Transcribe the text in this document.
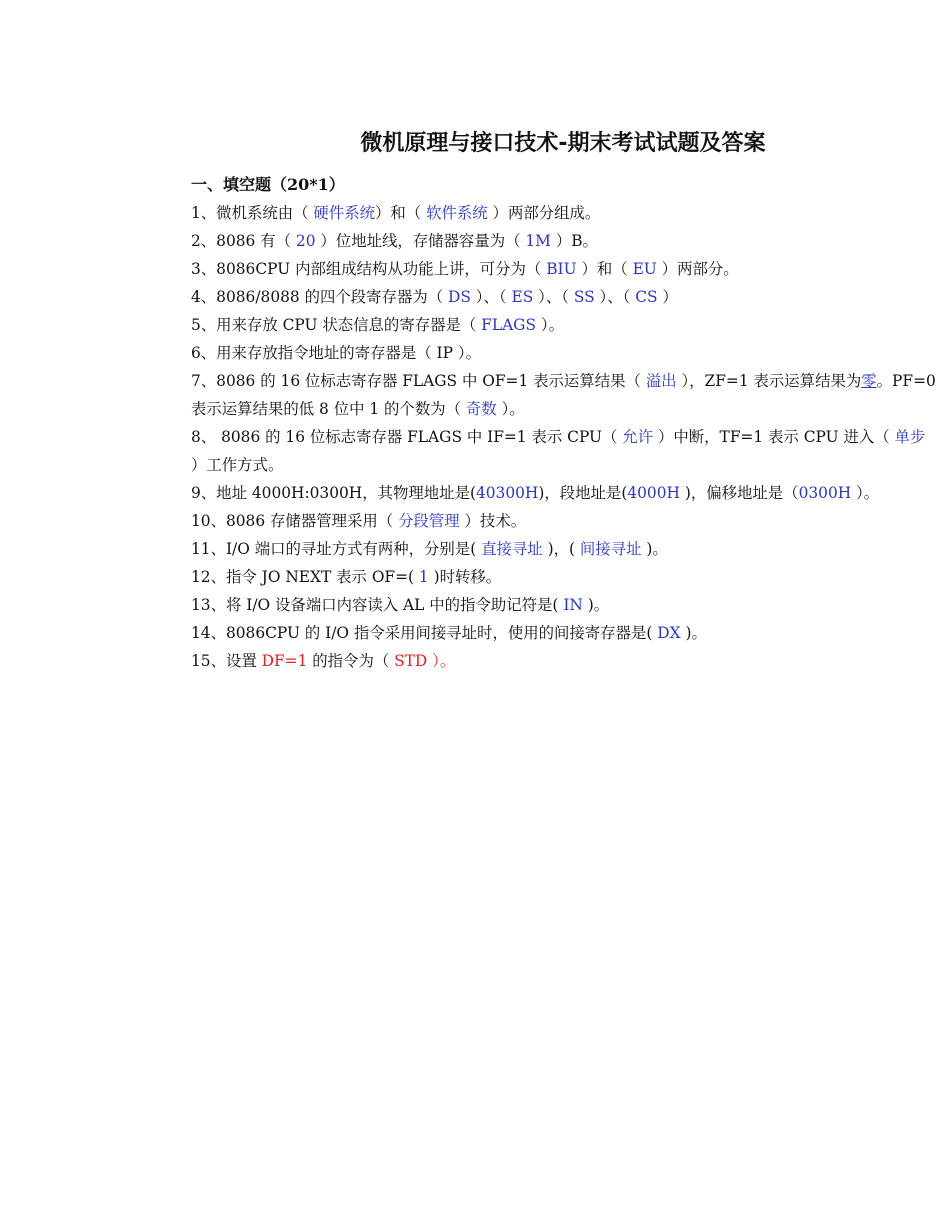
微机原理与接口技术-期末考试试题及答案
一、填空题（20*1）
1、微机系统由（ 硬件系统）和（ 软件系统 ）两部分组成。
2、8086 有（ 20 ）位地址线，存储器容量为（ 1M ）B。
3、8086CPU 内部组成结构从功能上讲，可分为（ BIU ）和（ EU ）两部分。
4、8086/8088 的四个段寄存器为（ DS ）、（ ES ）、（ SS ）、（ CS ）
5、用来存放 CPU 状态信息的寄存器是（ FLAGS ）。
6、用来存放指令地址的寄存器是（ IP ）。
7、8086 的 16 位标志寄存器 FLAGS 中 OF=1 表示运算结果（ 溢出 ），ZF=1 表示运算结果为零。PF=0 表示运算结果的低 8 位中 1 的个数为（ 奇数 ）。
8、 8086 的 16 位标志寄存器 FLAGS 中 IF=1 表示 CPU（ 允许 ）中断，TF=1 表示 CPU 进入（ 单步 ）工作方式。
9、地址 4000H:0300H，其物理地址是(40300H)，段地址是(4000H )，偏移地址是（0300H ）。
10、8086 存储器管理采用（ 分段管理 ）技术。
11、I/O 端口的寻址方式有两种，分别是( 直接寻址 )，( 间接寻址 )。
12、指令 JO NEXT 表示 OF=( 1 )时转移。
13、将 I/O 设备端口内容读入 AL 中的指令助记符是( IN )。
14、8086CPU 的 I/O 指令采用间接寻址时，使用的间接寄存器是( DX )。
15、设置 DF=1 的指令为（ STD ）。
